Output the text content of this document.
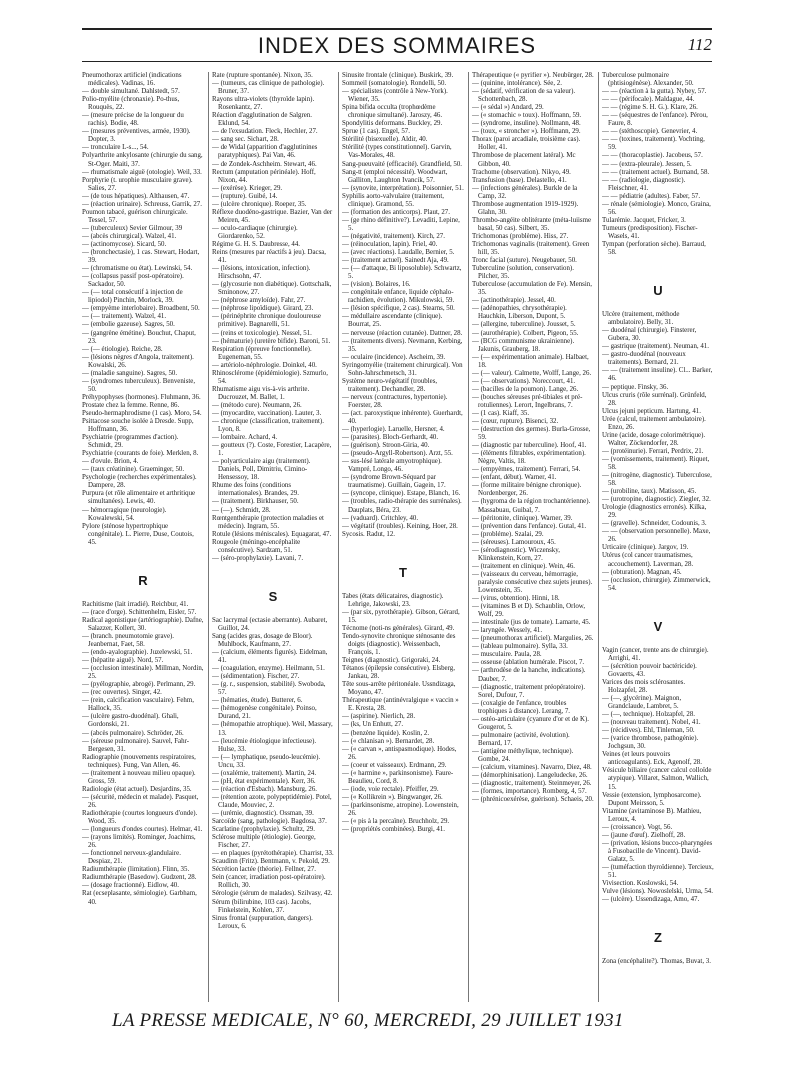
INDEX DES SOMMAIRES	112

Pneumothorax artificiel (indications médicales). Vadinas, 16.

— double simultané. Dahlstedt, 57.

Polio-myélite (chronaxie). Po-thus, Rouquès, 22.

— (mesure précise de la longueur du rachis). Bodie, 48.

— (mesures préventives, armée, 1930). Dopter, 3.

— tronculaire L-s..., 54.

Polyarthrite ankylosante (chirurgie du sang, St-Oger. Maiti, 37.

— rhumatismale aiguë (otologie). Weil, 33.

Porphyrie (t. urophie musculaire grave). Salies, 27.

— (de tous hépatiques). Althausen, 47.

— (réaction urinaire). Schreuss, Garrik, 27.

Poumon tabacé, guérison chirurgicale. Tessel, 57.

— (tuberculeux) Sevier Gilmour, 39

— (abcès chirurgical). Walzel, 41.

— (actinomycose). Sicard, 50.

— (bronchectasie), 1 cas. Stewart, Hodart, 39.

— (chromatisme ou état). Lewinski, 54.

— (collapsus passif post-opératoire). Sackador, 50.

— (— total consécutif à injection de lipiodol) Pinchin, Morlock, 39.

— (empyème interlobaire). Broadbent, 50.

— (— traitement). Walzel, 41.

— (embolie gazeuse). Sagres, 50.

— (gangrène émétine). Bouchut, Chaput, 23.

— (— étiologie). Reiche, 28.

— (lésions nègres d'Angola, traitement). Kowalski, 26.

— (maladie sanguine). Sagres, 50.

— (syndromes tuberculeux). Benveniste, 50.

Préhypophyses (hormones). Fluhmann, 36.

Prostate chez la femme. Renne, 86.

Pseudo-hermaphrodisme (1 cas). Moro, 54.

Psittacose souche isolée à Dresde. Supp, Hoffmann, 36.

Psychiatrie (programmes d'action). Schmidt, 29.

Psychiatrie (courants de foie). Merklen, 8.

— d'ovule. Brion, 4.

— (taux créatinine). Graeminger, 50.

Psychologie (recherches expérimentales). Dampere, 28.

Purpura (et rôle alimentaire et arthritique simultanées). Lewis, 40.

— hémorragique (neurologie). Kowalewski, 54.

Pylore (sténose hypertrophique congénitale). L. Pierre, Duse, Coutois, 45.

R

Rachitisme (lait irradié). Reichbur, 41.

— (race d'orge). Schittenhelm, Eisler, 57.

Radical agonistique (artériographie). Dafne, Salazzer, Kollert, 30.

— (branch. pneumotomie grave). Jeanbernat, Faet, 58.

— (endo-ayalographie). Juzelewski, 51.

— (hépatite aiguë). Nord, 57.

— (occlusion intestinale). Millman, Nordin, 25.

— (pyélographie, abrogé). Perlmann, 29.

— (rec ouvertes). Singer, 42.

— (rein, calcification vasculaire). Fehm, Hallock, 35.

— (ulcère gastro-duodénal). Ghali, Gordonski, 21.

— (abcès pulmonaire). Schröder, 26.

— (séreuse pulmonaire). Sauvel, Fahr-Bergesen, 31.

Radiographie (mouvements respiratoires, techniques). Fung, Van Allen, 46.

— (traitement à nouveau milieu opaque). Gross, 59.

Radiologie (état actuel). Desjardins, 35.

— (sécurité, médecin et malade). Pasquet, 26.

Radiothérapie (courtes longueurs d'onde). Wood, 35.

— (longueurs d'ondes courtes). Helmar, 41.

— (rayons limités). Rominger, Joachims, 26.

— fonctionnel nerveux-glandulaire. Despiaz, 21.

Radiumthérapie (limitation). Flinn, 35.

Radiumthérapie (Basedow). Gudzent, 28.

— (dosage fractionné). Eidlow, 40.

Rat (ecseplasante, sémiologie). Garbham, 40.

Rate (rupture spontanée). Nixon, 35.

— (tumeurs, cas clinique de pathologie). Bruner, 37.

Rayons ultra-violets (thyroïde lapin). Rosenkantz, 27.

Réaction d'agglutination de Salgren. Eklund, 54.

— de l'exsudation. Fleck, Hechler, 27.

— sang sec. Sichart, 28.

— de Widal (apparition d'agglutinines paratyphiques). Pai Van, 46.

— de Zondek-Aschheim. Stewart, 46.

Rectum (amputation périnéale). Hoff, Nixon, 44.

— (exérèse). Krieger, 29.

— (rupture). Guibé, 14.

— (ulcère chronique). Roeper, 35.

Réflexe duodéno-gastrique. Bazier, Van der Meiren, 45.

— oculo-cardiaque (chirurgie). Giordarenko, 52.

Régime G. H. S. Daubresse, 44.

Reins (mesures par réactifs à jeu). Dacsa, 41.

— (lésions, intoxication, infection). Hirschsohn, 47.

— (glycosurie non diabétique). Gottschalk, Sminonow, 27.

— (néphrose amyloïde). Fahr, 27.

— (néphrose lipoïdique). Girard, 23.

— (périnéphrite chronique douloureuse primitive). Bagnarelli, 51.

— (reins et toxicologie). Nessel, 51.

— (hématurie) (uretère bifide). Baroni, 51.

Respiration (épreuve fonctionnelle). Eugeneman, 55.

— artériolo-néphrologie. Doinkel, 40.

Rhinosclérome (épidémiologie). Szmurlo, 54.

Rhumatisme aigu vis-à-vis arthrite. Ducrouzet, M. Ballet, 1.

— (método cure). Neumann, 26.

— (myocardite, vaccination). Lauter, 3.

— chronique (classification, traitement). Lyon, 8.

— lombaire. Achard, 4.

— goutteux (?). Coste, Forestier, Lacapère, 1.

— polyarticulaire aigu (traitement). Daniels, Poll, Dimitriu, Cimino-Hensessoy, 18.

Rhume des foins (conditions internationales). Brandes, 29.

— (traitement). Birkhauser, 50.

— (—). Schmidt, 28.

Rœntgenthérapie (protection maladies et médecin). Ingram, 55.

Rotule (lésions méniscales). Equagarat, 47.

Rougeole (méningo-encéphalite consécutive). Sardzam, 51.

— (séro-prophylaxie). Lavani, 7.

S

Sac lacrymal (ectasie aberrante). Aubaret, Guillot, 24.

Sang (acides gras, dosage de Bloor). Muhlbock, Kaufmann, 27.

— (calcium, éléments figurés). Eidelman, 41.

— (coagulation, enzyme). Heilmann, 51.

— (sédimentation). Fischer, 27.

— (g. r., suspension, stabilité). Swoboda, 57.

— (hématies, étude). Butterer, 6.

— (hémogenèse congénitale). Poinso, Durand, 21.

— (hémopathie atrophique). Weil, Massary, 13.

— (leucémie étiologique infectieuse). Hulse, 33.

— (— lymphatique, pseudo-leucémie). Uncu, 33.

— (oxalémie, traitement). Martin, 24.

— (pH, état expérimentale). Kerr, 36.

— (réaction d'Esbach). Mansburg, 26.

— (rétention azote, polypeptidémie). Potel, Claude, Mouviec, 2.

— (urémie, diagnostic). Ossman, 39.

Sarcoïde (sang, pathologie). Bagdosa, 37.

Scarlatine (prophylaxie). Schultz, 29.

Sclérose multiple (étiologie). George, Fischer, 27.

— en plaques (pyrétothérapie). Charrist, 33.

Scaudinn (Fritz). Bentmann, v. Pekold, 29.

Sécrétion lactée (théorie). Fellner, 27.

Sein (cancer, irradiation post-opératoire). Rollich, 30.

Sérologie (sérum de malades). Szilvasy, 42.

Sérum (bilirubine, 103 cas). Jacobs, Finkelstein, Kohlen, 37.

Sinus frontal (suppuration, dangers). Leroux, 6.

Sinusite frontale (clinique). Buskirk, 39.

Sommeil (somatologie). Rondelli, 50.

— spécialistes (contrôle à New-York). Wiener, 35.

Spina bifida occulta (trophœdème chronique simultané). Jaroszy, 46.

Spondylitis deformans. Buckley, 29.

Sprue (1 cas). Engel, 57.

Stérilité (bisexuelle). Aldir, 40.

Stérilité (types constitutionnel). Garvin, Vas-Morales, 48.

Sang-pueuvaité (efficacité). Grandfield, 50.

Sang-tt (emploi nécessité). Woodwart, Galliton, Laughton Ivancik, 57.

— (synovite, interprétation). Poisonnier, 51.

Syphilis aorto-valvulaire (traitement, clinique). Gramond, 55.

— (formation des anticorps). Plaut, 27.

— (ge rhino définitive?). Levaditi, Lepine, 5.

— (négativité, traitement). Kirch, 27.

— (réinoculation, lapin). Friel, 40.

— (avec réactions). Laudalle, Bernier, 5.

— (traitement actuel). Sainedt Aja, 49.

— (— d'attaque, Bi liposoluble). Schwartz, 5.

— (vision). Bolaires, 16.

— congénitale enfance, liquide céphalo-rachidien, évolution). Mikulowski, 59.

— (lésion spécifique, 2 cas). Stearns, 50.

— médullaire ascendante (clinique). Bourrat, 25.

— nerveuse (réaction cutanée). Dattner, 28.

— (traitements divers). Nevmann, Kerbing, 35.

— oculaire (incidence). Ascheim, 39.

Syringomyélie (traitement chirurgical). Von Sohn-Jahrschmetsch, 31.

Système neuro-végétatif (troubles, traitement). Dechandler, 28.

— nerveux (contractures, hypertonie). Foerster, 28.

— (act. paroxystique inhérente). Guerhardt, 40.

— (hyperlogie). Laruelle, Hersner, 4.

— (parasites). Bloch-Gerhardt, 40.

— (guérison). Stroon-Giria, 40.

— (pseudo-Argyll-Robertson). Arzt, 55.

— sus-lésé latérale amyotrophique). Vampré, Longo, 46.

— (syndrome Brown-Séquard par traumatisme). Guillain, Gagein, 17.

— (syncope, clinique). Estape, Blanch, 16.

— (troubles, radio-thérapie des surrénales). Dauplats, Béra, 23.

— (vaduard). Critchley, 40.

— végétatif (troubles). Keining, Hoer, 28.

Sycosis. Radut, 12.

T

Tabes (états délicataires, diagnostic). Lehrige, Jakowski, 23.

— (par six, pyrothérapie). Gibson, Gérard, 15.

Técnome (noti-ns générales). Girard, 49.

Tendo-synovite chronique sténosante des doigts (diagnostic). Weissenbach, François, 1.

Teignes (diagnostic). Grigoraki, 24.

Tétanos (épilepsie consécutive). Elsberg, Jankau, 28.

Tête sous-arrête péritonéale. Ussndizaga, Moyano, 47.

Thérapeutique (antinévralgique « vaccin » E. Kresta, 28.

— (aspirine). Nierlich, 28.

— (ks, Un Enhutt, 27.

— (benzène liquide). Koslin, 2.

— (« chlanisan »). Bernardet, 28.

— (« carvan », antispasmodique). Hodes, 26.

— (coeur et vaisseaux). Erdmann, 29.

— (« harmine », parkinsonisme). Faure-Beaulieu, Cord, 8.

— (iode, voie rectale). Pfeiffer, 29.

— (« Kollikrein »). Bingwanger, 26.

— (parkinsonisme, atropine). Lowenstein, 26.

— (« pis à la percaïne). Bruchholz, 29.

— (propriétés combinées). Burgi, 41.

Thérapeutique (« pyrifier »). Neubürger, 28.

— (quinine, intolérance). Sée, 2.

— (sédatif, vérification de sa valeur). Schottenbach, 28.

— (« sédal ») Andard, 29.

— (« stomachic » toux). Hoffmann, 59.

— (syndrome, insuline). Nollmann, 48.

— (toux, « stroncher »). Hoffmann, 29.

Thorax (paroi arcadiale, troisième cas). Holler, 41.

Thrombose de placement latéral). Mc Gibbon, 40.

Trachome (observation). Nikyo, 49.

Transfusion (base). Delastello, 41.

— (infections générales). Burkle de la Camp, 32.

Thrombose augmentation 1919-1929). Glahn, 30.

Thrombo-angéite oblitérante (méta-luiisme basal, 50 cas). Silbert, 35.

Trichomonas (problème). Hiss, 27.

Trichomonas vaginalis (traitement). Green hill, 35.

Tronc facial (suture). Neugebauer, 50.

Tuberculine (solution, conservation). Pilcher, 35.

Tuberculose (accumulation de Fe). Mensin, 35.

— (actinothérapie). Jessel, 40.

— (adénopathies, chrysothérapie). Hauchkin, Liberson, Dupont, 5.

— (allergine, tuberculine). Jousset, 5.

— (aurothérapie). Colbert, Pigeon, 55.

— (BCG communisme ukrainienne). Jakunis, Grauberg, 18.

— (— expérimentation animale). Halbaet, 18.

— (— valeur). Calmette, Wolff, Lange, 26.

— (— observations). Noreccourt, 41.

— (bacilles de la poumon). Lange, 26.

— (bouches séreuses pré-tibiales et pré-rotuliennes). Lerort, Ingelbrans, 7.

— (1 cas). Kiaff, 35.

— (cœur, rupture). Bisenci, 32.

— (destruction des germes). Burla-Grosse, 59.

— (diagnostic par tuberculine). Hoof, 41.

— (éléments filtrables, expérimentation). Nègre, Valtis, 18.

— (empyèmes, traitement). Ferrari, 54.

— (enfant, début). Warner, 41.

— (forme militaire bénigne chronique). Nordenberger, 26.

— (hygroma de la région trochantérienne). Massabuau, Guibal, 7.

— (péritonite, clinique). Warner, 39.

— (prévention dans l'enfance). Gutal, 41.

— (probléme). Szalai, 29.

— (séreuses). Lamouroux, 45.

— (sérodiagnostic). Wiczensky, Klinkenstein, Korn, 27.

— (traitement en clinique). Wein, 46.

— (vaisseaux du cerveau, hémorragie, paralysie consécutive chez sujets jeunes). Lowenstein, 35.

— (virus, obtention). Hinni, 18.

— (vitamines B et D). Schaublin, Orlow, Wolf, 29.

— intestinale (jus de tomate). Lamarte, 45.

— laryngée. Wessely, 41.

— (pneumothorax artificiel). Margulies, 26.

— (tableau pulmonaire). Sylla, 33.

— musculaire. Paula, 28.

— osseuse (ablation humérale. Piscot, 7.

— (arthrodèse de la hanche, indications). Dauber, 7.

— (diagnostic, traitement préopératoire). Sorel, Dufour, 7.

— (coxalgie de l'enfance, troubles trophiques à distance). Lerang, 7.

— ostéo-articulaire (cyanure d'or et de K). Gougerot, 5.

— pulmonaire (activité, évolution). Bernard, 17.

— (antigène méthylique, technique). Gombe, 24.

— (calcium, vitamines). Navarro, Diez, 48.

— (démorphinisation). Langeludecke, 26.

— (diagnostic, traitement). Steinmeyer, 26.

— (formes, importance). Romberg, 4, 57.

— (phrénicoexérèse, guérison). Schaeis, 20.

Tuberculose pulmonaire (phtisiogénèse). Alexander, 50.

— — (réaction à la gutta). Nybey, 57.

— — (périfocale). Maldague, 44.

— — (régime S. H. G.). Klare, 26.

— — (séquestres de l'enfance). Pérou, Faure, 8.

— — (stéthoscopie). Genevrier, 4.

— — (toxines, traitement). Vochting, 59.

— — (thoracoplastie). Jacobeus, 57.

— — (extra-pleurale). Jessen, 5.

— — (traitement actuel). Burnand, 58.

— — (radiologie, diagnostic). Fleischner, 41.

— — pédiatrie (adultes). Faber, 57.

— rénale (sémiologie). Monco, Graina, 56.

Tularémie. Jacquet, Fricker, 3.

Tumeurs (predisposition). Fischer-Wasels, 41.

Tympan (perforation sèche). Barraud, 58.

U

Ulcère (traitement, méthode ambulatoire). Belly, 31.

— duodénal (chirurgie). Finsterer, Gubera, 30.

— gastrique (traitement). Neuman, 41.

— gastro-duodénal (nouveaux traitements). Bernard, 21.

— — (traitement insuline). Cl... Barker, 46.

— peptique. Finsky, 36.

Ulcus cruris (rôle surrénal). Grünfeld, 28.

Ulcus jejuni pepticum. Hartung, 41.

Urée (calcul, traitement ambulatoire). Enzo, 26.

Urine (acide, dosage colorimétrique). Walter, Zöckendorfer, 28.

— (protéinurie). Ferrari, Perdrix, 21.

— (vomissements, traitement). Riquet, 58.

— (nitrogène, diagnostic). Tuberculose, 58.

— (urobiline, taux). Matisson, 45.

— (urotropine, diagnostic). Ziegler, 32.

Urologie (diagnostics erronés). Kilka, 29.

— (gravelle). Schneider, Codounis, 3.

— — (observation personnelle). Maxe, 26.

Urticaire (clinique). Jargov, 19.

Utérus (col cancer traumatismes, accouchement). Laverman, 28.

— (obturation). Magnan, 45.

— (occlusion, chirurgie). Zimmerwick, 54.

V

Vagin (cancer, trente ans de chirurgie). Arrighi, 41.

— (sécrétion pouvoir bactéricide). Govaerts, 43.

Varices des mois sclérosantes. Holzapfel, 28.

— (—, glycérine). Maignon, Grandclaude, Lambret, 5.

— (—, technique). Holzapfel, 28.

— (nouveau traitement). Nobel, 41.

— (récidives). Ehl, Tinleman, 50.

— (varice thrombose, pathogénie). Jochgsun, 30.

Veines (et leurs pouvoirs anticoagulants). Eck, Agenolf, 28.

Vésicule biliaire (cancer calcul colloïde atypique). Villaret, Salmon, Wallich, 15.

Vessie (extension, lymphosarcome). Dupont Meirsson, 5.

Vitamine (avitaminose B). Mathieu, Leroux, 4.

— (croissance). Vogt, 56.

— (jaune d'œuf). Zielhoff, 28.

— (privation, lésions bucco-pharyngées à Fusobacille de Vincent). David-Galatz, 5.

— (tuméfaction thyroïdienne). Tercieux, 51.

Vivisection. Koslowski, 54.

Vulve (lésions). Nowoslelski, Urma, 54.

— (ulcère). Ussendizaga, Amo, 47.

Z

Zona (encéphalite?). Thomas, Buvat, 3.

LA PRESSE MEDICALE, N° 60, MERCREDI, 29 JUILLET 1931
